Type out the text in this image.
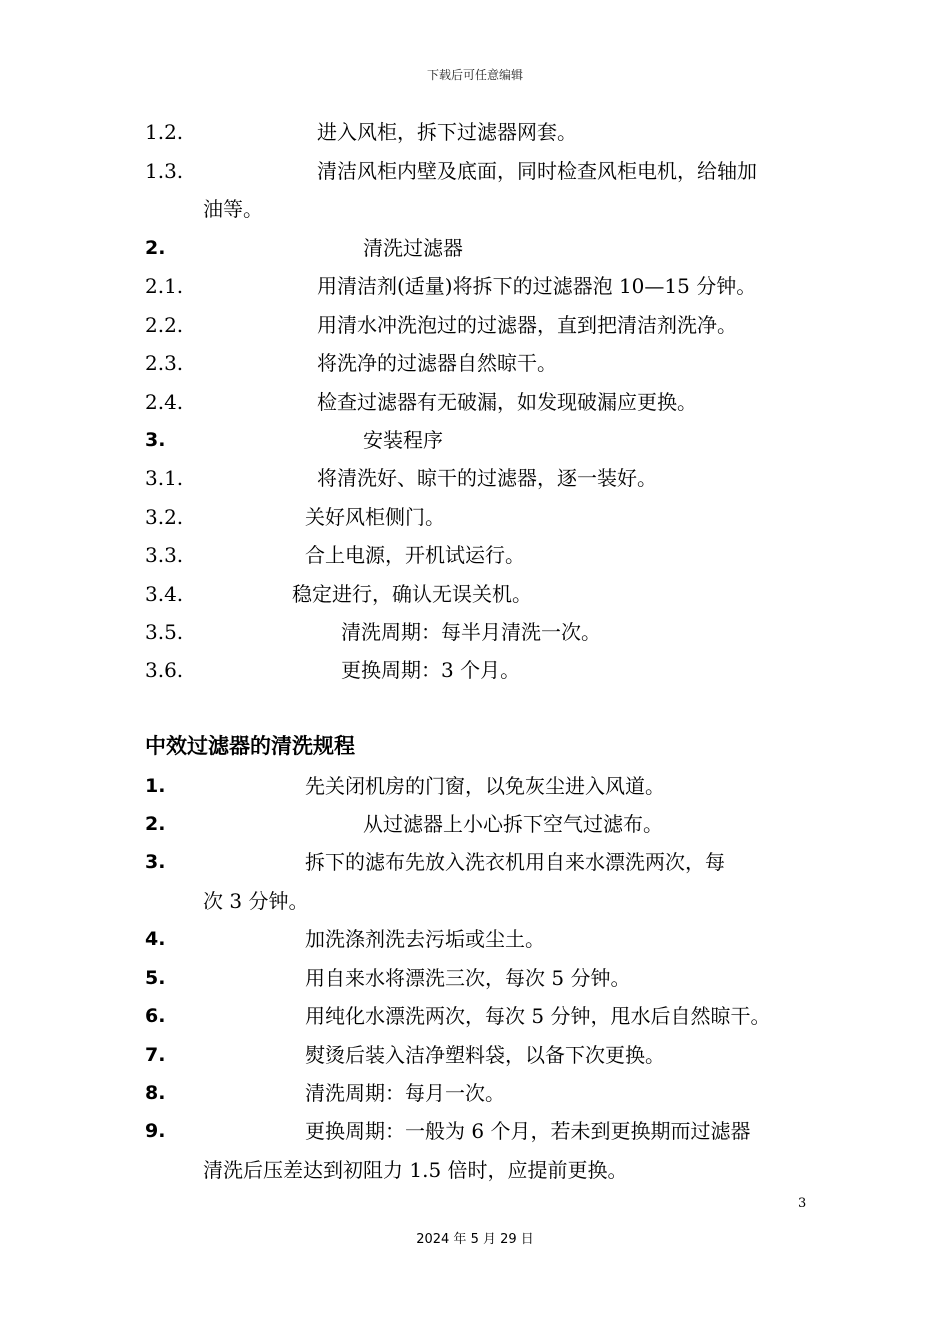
下载后可任意编辑
1.2.	进入风柜，拆下过滤器网套。
1.3.	清洁风柜内壁及底面，同时检查风柜电机，给轴加
油等。
2.	清洗过滤器
2.1.	用清洁剂(适量)将拆下的过滤器泡 10—15 分钟。
2.2.	用清水冲洗泡过的过滤器，直到把清洁剂洗净。
2.3.	将洗净的过滤器自然晾干。
2.4.	检查过滤器有无破漏，如发现破漏应更换。
3.	安装程序
3.1.	将清洗好、晾干的过滤器，逐一装好。
3.2.	关好风柜侧门。
3.3.	合上电源，开机试运行。
3.4.	稳定进行，确认无误关机。
3.5.	清洗周期：每半月清洗一次。
3.6.	更换周期：3 个月。
中效过滤器的清洗规程
1.	先关闭机房的门窗，以免灰尘进入风道。
2.	从过滤器上小心拆下空气过滤布。
3.	拆下的滤布先放入洗衣机用自来水漂洗两次，每
次 3 分钟。
4.	加洗涤剂洗去污垢或尘土。
5.	用自来水将漂洗三次，每次 5 分钟。
6.	用纯化水漂洗两次，每次 5 分钟，甩水后自然晾干。
7.	熨烫后装入洁净塑料袋，以备下次更换。
8.	清洗周期：每月一次。
9.	更换周期：一般为 6 个月，若未到更换期而过滤器
清洗后压差达到初阻力 1.5 倍时，应提前更换。
3
2024 年 5 月 29 日
